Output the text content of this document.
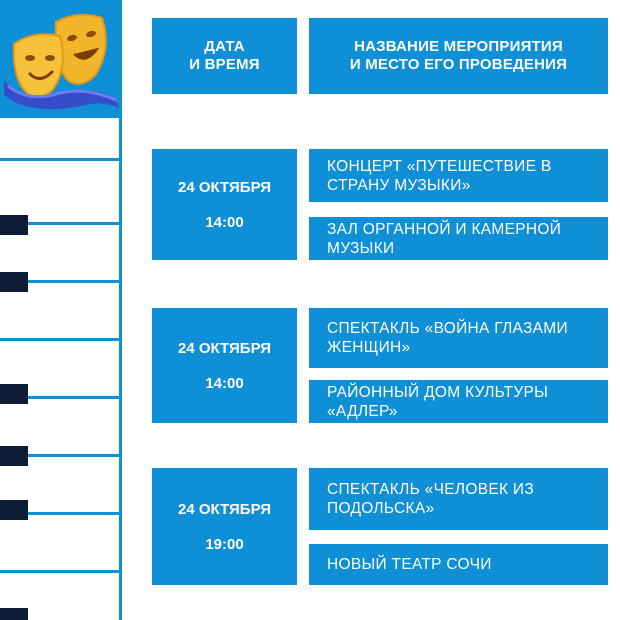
ДАТА
И ВРЕМЯ
НАЗВАНИЕ МЕРОПРИЯТИЯ
И МЕСТО ЕГО ПРОВЕДЕНИЯ
24 ОКТЯБРЯ
14:00
КОНЦЕРТ «ПУТЕШЕСТВИЕ В СТРАНУ МУЗЫКИ»
ЗАЛ ОРГАННОЙ И КАМЕРНОЙ МУЗЫКИ
24 ОКТЯБРЯ
14:00
СПЕКТАКЛЬ «ВОЙНА ГЛАЗАМИ ЖЕНЩИН»
РАЙОННЫЙ ДОМ КУЛЬТУРЫ «АДЛЕР»
24 ОКТЯБРЯ
19:00
СПЕКТАКЛЬ «ЧЕЛОВЕК ИЗ ПОДОЛЬСКА»
НОВЫЙ ТЕАТР СОЧИ
